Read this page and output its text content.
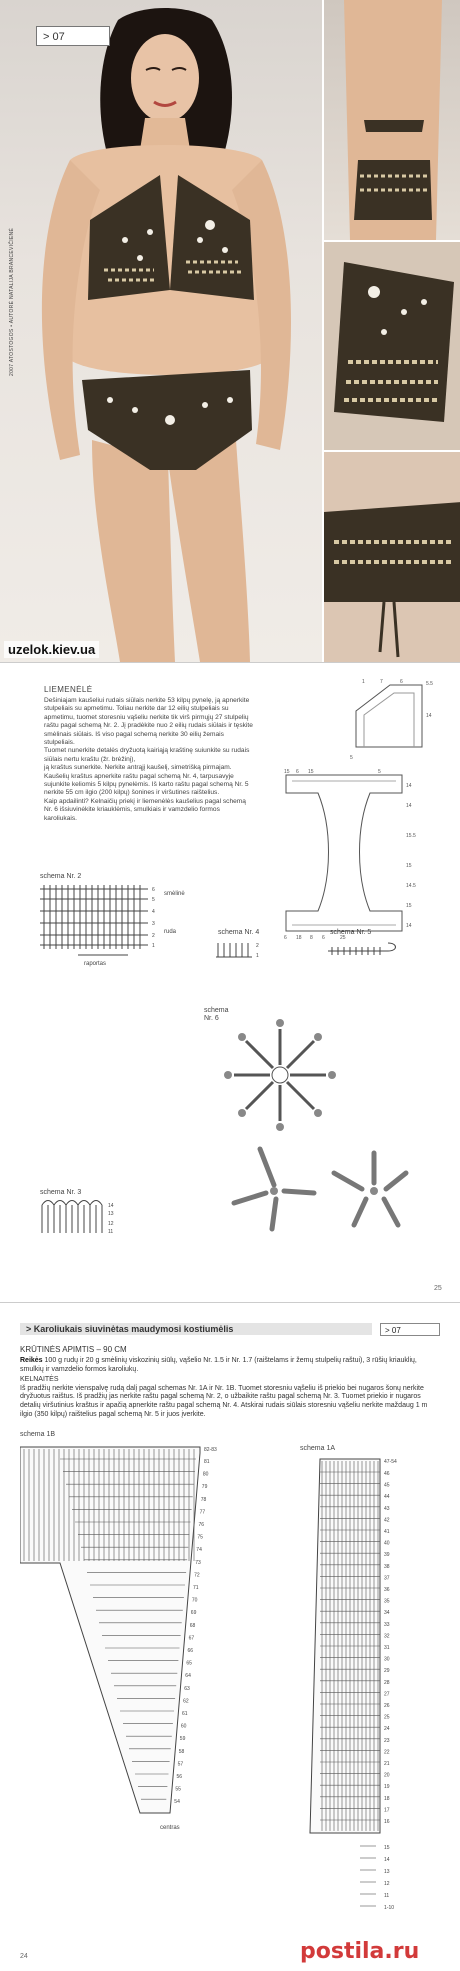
> 07
2007 ATOSTOGOS • AUTORĖ NATALIJA BRANCEVIČIENĖ
uzelok.kiev.ua
LIEMENĖLĖ

Dešiniajam kaušeliui rudais siūlais nerkite 53 kilpų pynelę, ją apnerkite stulpeliais su apmetimu. Toliau nerkite dar 12 eilių stulpeliais su apmetimu, tuomet storesniu vąšeliu nerkite tik virš pirmųjų 27 stulpelių raštu pagal schemą Nr. 2. Jį pradėkite nuo 2 eilių rudais siūlais ir tęskite smėlinais siūlais. Iš viso pagal schemą nerkite 30 eilių žemais stulpeliais.

Tuomet nunerkite detalės dryžuotą kairiąją kraštinę suiunkite su rudais siūlais nertu kraštu (žr. brėžinį),

ją kraštus sunerkite. Nerkite antrąjį kaušelį, simetrišką pirmajam. Kaušelių kraštus apnerkite raštu pagal schemą Nr. 4, tarpusavyje sujunkite keliomis 5 kilpų pynelėmis. Iš karto raštu pagal schemą Nr. 5 nerkite 55 cm ilgio (200 kilpų) šonines ir viršutines raištelius.

Kaip apdailinti? Kelnaičių priekį ir liemenėlės kaušelius pagal schemą Nr. 6 išsiuvinėkite kriauklėmis, smulkiais ir vamzdelio formos karoliukais.

1	7	6
14
5.5
5
15 6 15	5
14
14
15.5
15
14.5
15
6 18 8 6	25
14
schema Nr. 2
6
5
4
3
2
1
smėlinė
ruda
raportas
schema Nr. 4
2
1
schema Nr. 5
schema
Nr. 6
schema Nr. 3
14
13
12
11
25
> Karoliukais siuvinėtas maudymosi kostiumėlis	> 07
KRŪTINĖS APIMTIS – 90 CM

Reikės 100 g rudų ir 20 g smėlinių viskozinių siūlų, vąšelio Nr. 1.5 ir Nr. 1.7 (raištelams ir žemų stulpelių raštui), 3 rūšių kriauklių, smulkių ir vamzdelio formos karoliukų.

KELNAITĖS

Iš pradžių nerkite vienspalvę rudą dalį pagal schemas Nr. 1A ir Nr. 1B. Tuomet storesniu vąšeliu iš priekio bei nugaros šonų nerkite dryžuotus raištus. Iš pradžių jas nerkite raštu pagal schemą Nr. 2, o užbaikite raštu pagal schemą Nr. 3. Tuomet priekio ir nugaros detalių viršutinius kraštus ir apačią apnerkite raštu pagal schemą Nr. 4. Atskirai rudais siūlais storesniu vąšeliu nerkite maždaug 1 m ilgio (350 kilpų) raištelius pagal schemą Nr. 5 ir juos įverkite.

schema 1B
82-83
81
80
79
78
77
76
75
74
73
72
71
70
69
68
67
66
65
64
63
62
61
60
59
58
57
56
55
54
centras
schema 1A
47-54
46
45
44
43
42
41
40
39
38
37
36
35
34
33
32
31
30
29
28
27
26
25
24
23
22
21
20
19
18
17
16
15
14
13
12
11
1-10
24	postila.ru
